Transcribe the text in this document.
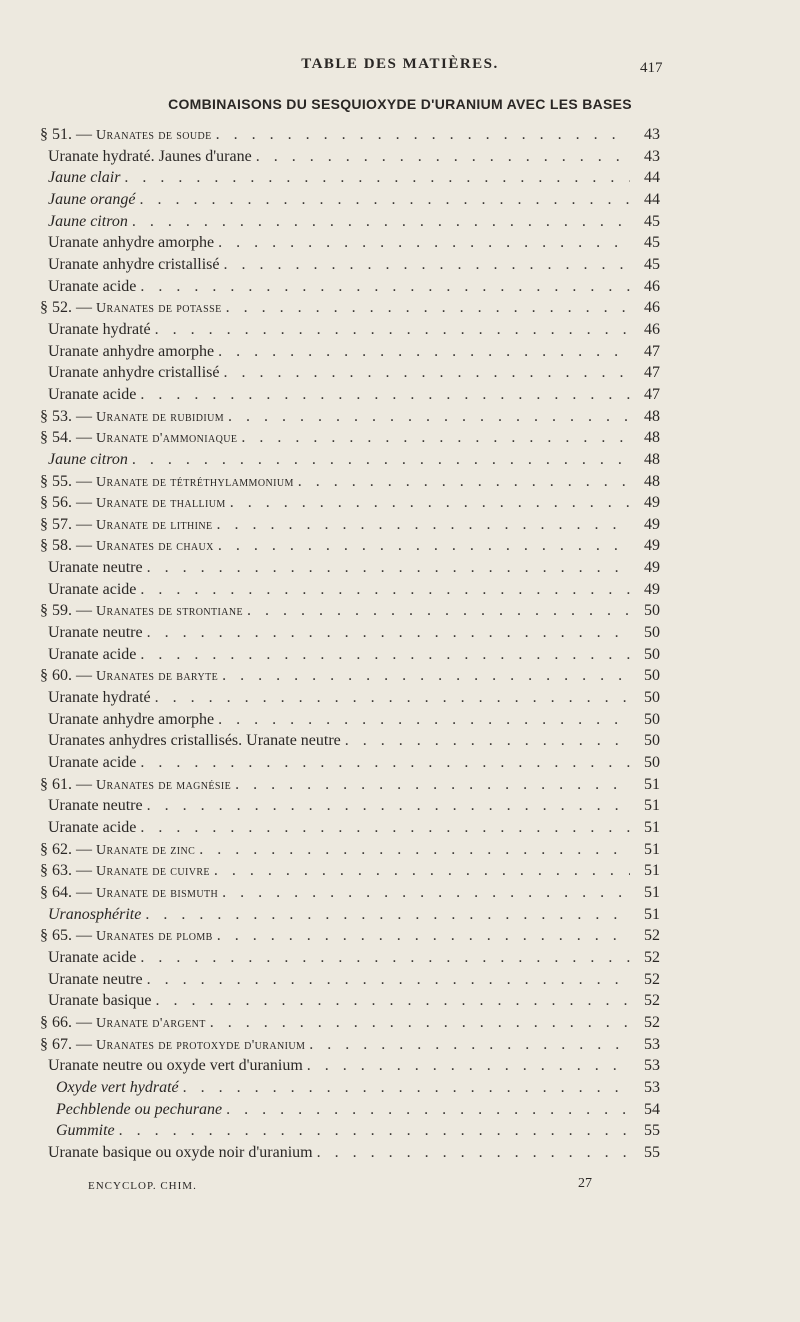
TABLE DES MATIÈRES.	417
COMBINAISONS DU SESQUIOXYDE D'URANIUM AVEC LES BASES
§ 51. — Uranates de soude . . .	43
Uranate hydraté. Jaunes d'urane . . .	43
Jaune clair . . .	44
Jaune orangé . . .	44
Jaune citron . . .	45
Uranate anhydre amorphe . . .	45
Uranate anhydre cristallisé . . .	45
Uranate acide . . .	46
§ 52. — Uranates de potasse . . .	46
Uranate hydraté . . .	46
Uranate anhydre amorphe . . .	47
Uranate anhydre cristallisé . . .	47
Uranate acide . . .	47
§ 53. — Uranate de rubidium . . .	48
§ 54. — Uranate d'ammoniaque . . .	48
Jaune citron . . .	48
§ 55. — Uranate de tétréthylammonium . . .	48
§ 56. — Uranate de thallium . . .	49
§ 57. — Uranate de lithine . . .	49
§ 58. — Uranates de chaux . . .	49
Uranate neutre . . .	49
Uranate acide . . .	49
§ 59. — Uranates de strontiane . . .	50
Uranate neutre . . .	50
Uranate acide . . .	50
§ 60. — Uranates de baryte . . .	50
Uranate hydraté . . .	50
Uranate anhydre amorphe . . .	50
Uranates anhydres cristallisés. Uranate neutre . . .	50
Uranate acide . . .	50
§ 61. — Uranates de magnésie . . .	51
Uranate neutre . . .	51
Uranate acide . . .	51
§ 62. — Uranate de zinc . . .	51
§ 63. — Uranate de cuivre . . .	51
§ 64. — Uranate de bismuth . . .	51
Uranosphérite . . .	51
§ 65. — Uranates de plomb . . .	52
Uranate acide . . .	52
Uranate neutre . . .	52
Uranate basique . . .	52
§ 66. — Uranate d'argent . . .	52
§ 67. — Uranates de protoxyde d'uranium . . .	53
Uranate neutre ou oxyde vert d'uranium . . .	53
Oxyde vert hydraté . . .	53
Pechblende ou pechurane . . .	54
Gummite . . .	55
Uranate basique ou oxyde noir d'uranium . . .	55
ENCYCLOP. CHIM.	27
